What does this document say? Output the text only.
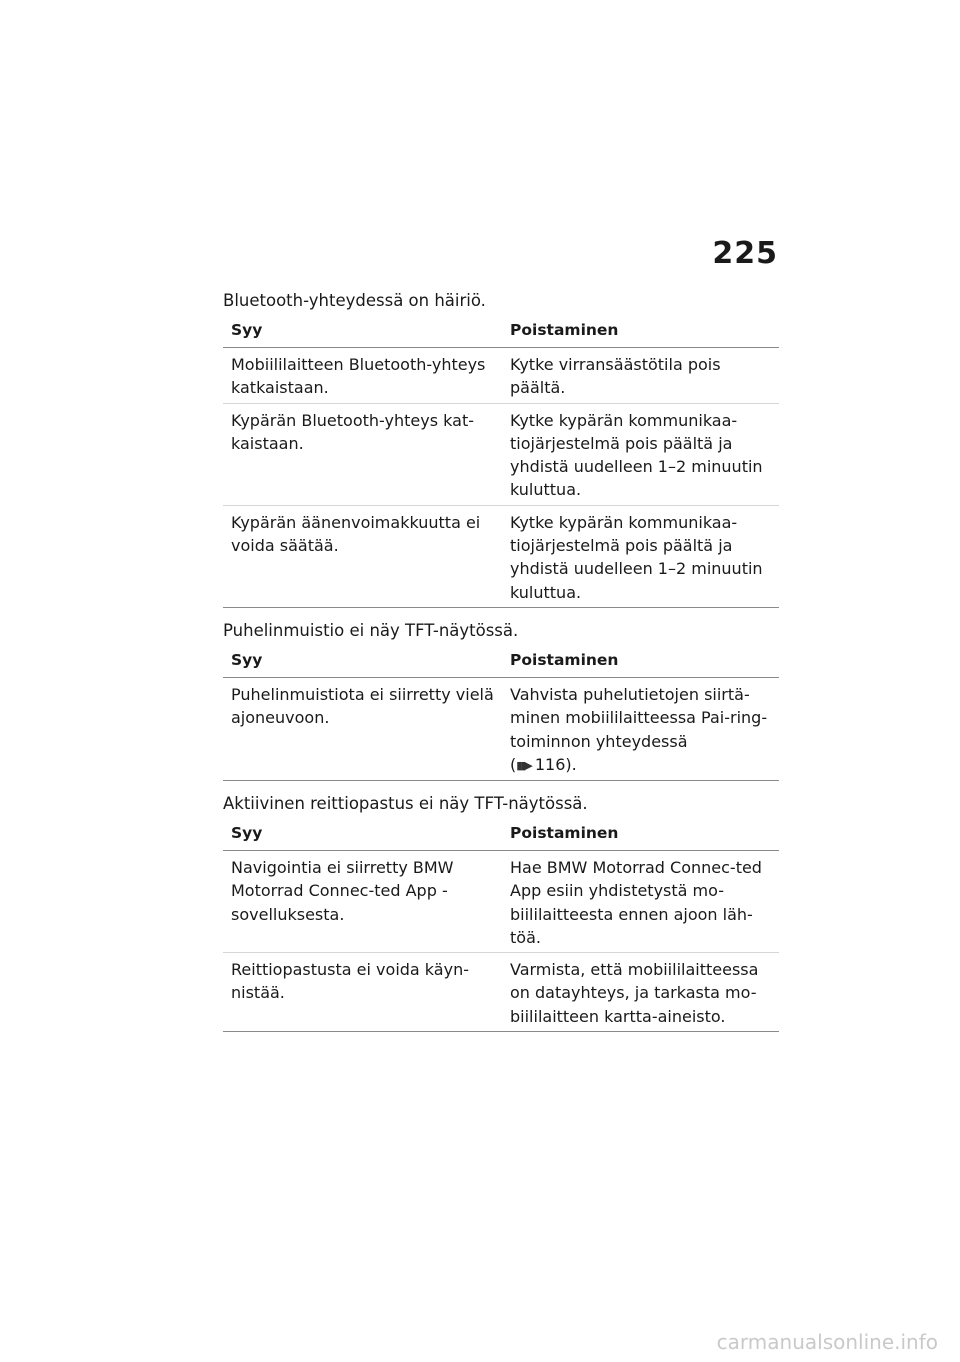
225

Bluetooth-yhteydessä on häiriö.

Syy	Poistaminen
Mobiililaitteen Bluetooth-yhteys katkaistaan.	Kytke virransäästötila pois päältä.
Kypärän Bluetooth-yhteys kat-kaistaan.	Kytke kypärän kommunikaa-tiojärjestelmä pois päältä ja yhdistä uudelleen 1–2 minuutin kuluttua.
Kypärän äänenvoimakkuutta ei voida säätää.	Kytke kypärän kommunikaa-tiojärjestelmä pois päältä ja yhdistä uudelleen 1–2 minuutin kuluttua.

Puhelinmuistio ei näy TFT-näytössä.

Syy	Poistaminen
Puhelinmuistiota ei siirretty vielä ajoneuvoon.	Vahvista puhelutietojen siirtä-minen mobiililaitteessa Pai-ring-toiminnon yhteydessä
(▮▮▶ 116).

Aktiivinen reittiopastus ei näy TFT-näytössä.

Syy	Poistaminen
Navigointia ei siirretty BMW Motorrad Connec-ted App -sovelluksesta.	Hae BMW Motorrad Connec-ted App esiin yhdistetystä mo-biililaitteesta ennen ajoon läh-töä.
Reittiopastusta ei voida käyn-nistää.	Varmista, että mobiililaitteessa on datayhteys, ja tarkasta mo-biililaitteen kartta-aineisto.
carmanualsonline.info
